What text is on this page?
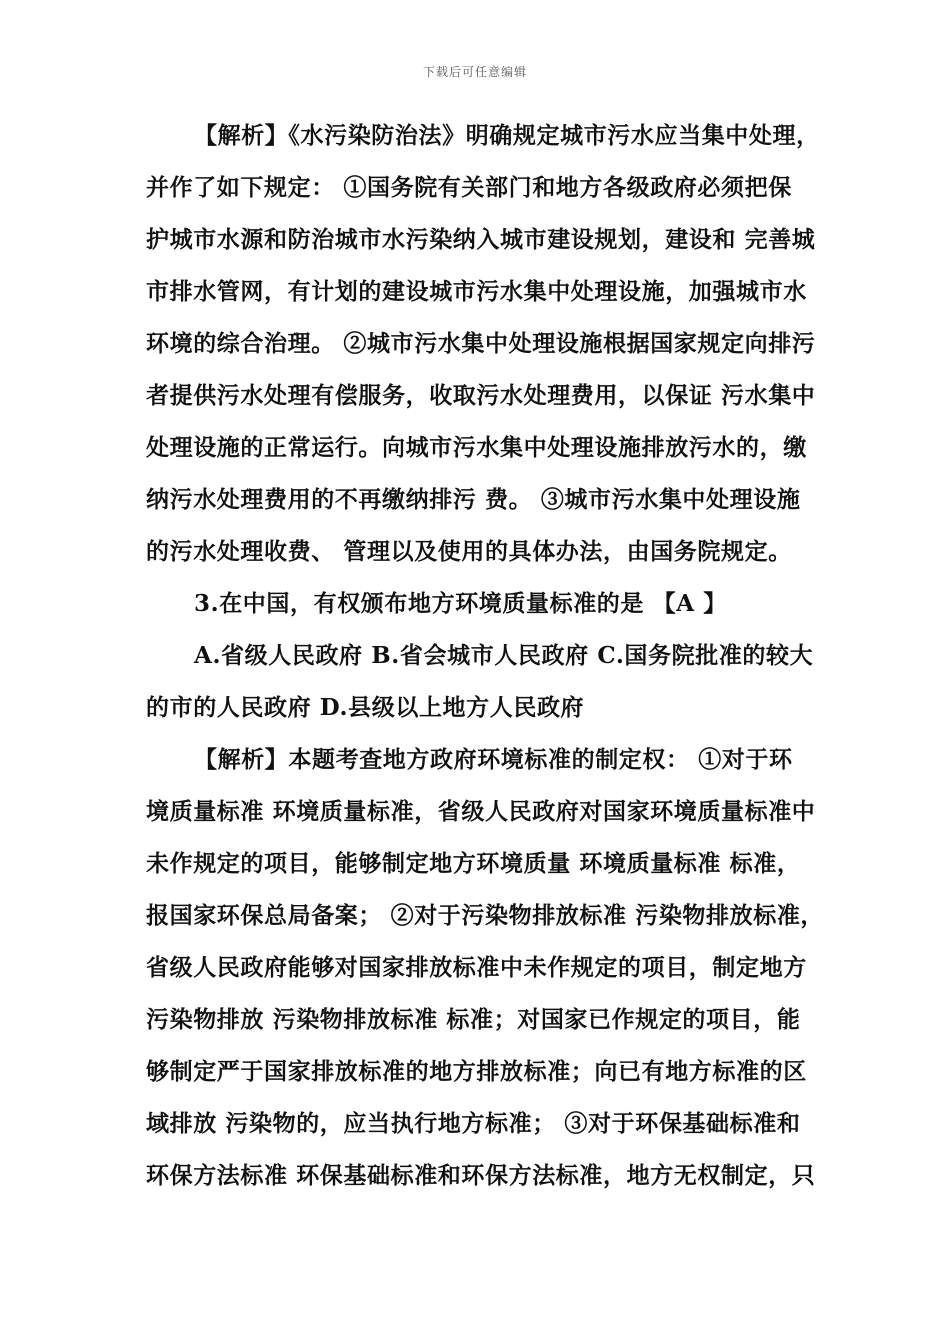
下载后可任意编辑
【解析】《水污染防治法》明确规定城市污水应当集中处理，
并作了如下规定： ①国务院有关部门和地方各级政府必须把保
护城市水源和防治城市水污染纳入城市建设规划，建设和 完善城
市排水管网，有计划的建设城市污水集中处理设施，加强城市水
环境的综合治理。 ②城市污水集中处理设施根据国家规定向排污
者提供污水处理有偿服务，收取污水处理费用，以保证 污水集中
处理设施的正常运行。向城市污水集中处理设施排放污水的，缴
纳污水处理费用的不再缴纳排污 费。 ③城市污水集中处理设施
的污水处理收费、 管理以及使用的具体办法，由国务院规定。
3.在中国，有权颁布地方环境质量标准的是 【A 】
A.省级人民政府 B.省会城市人民政府 C.国务院批准的较大
的市的人民政府 D.县级以上地方人民政府
【解析】本题考查地方政府环境标准的制定权： ①对于环
境质量标准 环境质量标准，省级人民政府对国家环境质量标准中
未作规定的项目，能够制定地方环境质量 环境质量标准 标准，
报国家环保总局备案； ②对于污染物排放标准 污染物排放标准，
省级人民政府能够对国家排放标准中未作规定的项目，制定地方
污染物排放 污染物排放标准 标准；对国家已作规定的项目，能
够制定严于国家排放标准的地方排放标准；向已有地方标准的区
域排放 污染物的，应当执行地方标准； ③对于环保基础标准和
环保方法标准 环保基础标准和环保方法标准，地方无权制定，只
